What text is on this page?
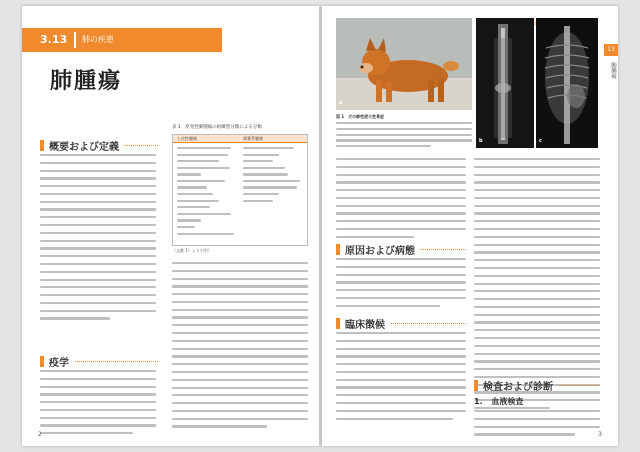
3.13 肺の疾患
肺腫瘍
概要および定義
疫学
表 1　原発性肺腫瘍の組織型分類による分類
上皮性腫瘍	間葉系腫瘍
（文献 1）より引用）
2
13
肺腫瘍
a
b	c
図 1　犬の肺性肥大性骨症
原因および病態
臨床徴候
検査および診断
1. 血液検査
3
